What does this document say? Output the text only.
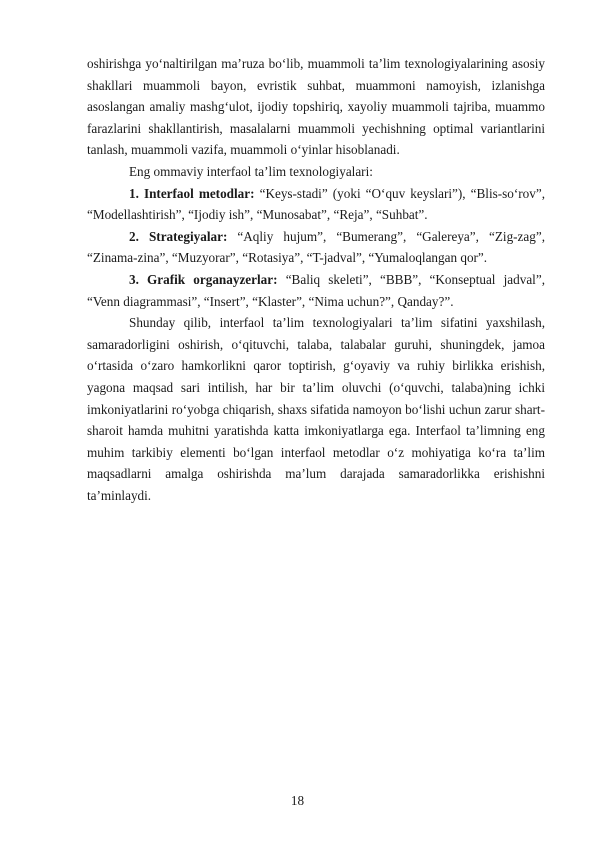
oshirishga yo‘naltirilgan ma’ruza bo‘lib, muammoli ta’lim texnologiyalarining asosiy shakllari muammoli bayon, evristik suhbat, muammoni namoyish, izlanishga asoslangan amaliy mashg‘ulot, ijodiy topshiriq, xayoliy muammoli tajriba, muammo farazlarini shakllantirish, masalalarni muammoli yechishning optimal variantlarini tanlash, muammoli vazifa, muammoli o‘yinlar hisoblanadi.

Eng ommaviy interfaol ta’lim texnologiyalari:

1. Interfaol metodlar: “Keys-stadi” (yoki “O‘quv keyslari”), “Blis-so‘rov”, “Modellashtirish”, “Ijodiy ish”, “Munosabat”, “Reja”, “Suhbat”.

2. Strategiyalar: “Aqliy hujum”, “Bumerang”, “Galereya”, “Zig-zag”, “Zinama-zina”, “Muzyorar”, “Rotasiya”, “T-jadval”, “Yumaloqlangan qor”.

3. Grafik organayzerlar: “Baliq skeleti”, “BBB”, “Konseptual jadval”, “Venn diagrammasi”, “Insert”, “Klaster”, “Nima uchun?”, Qanday?”.

Shunday qilib, interfaol ta’lim texnologiyalari ta’lim sifatini yaxshilash, samaradorligini oshirish, o‘qituvchi, talaba, talabalar guruhi, shuningdek, jamoa o‘rtasida o‘zaro hamkorlikni qaror toptirish, g‘oyaviy va ruhiy birlikka erishish, yagona maqsad sari intilish, har bir ta’lim oluvchi (o‘quvchi, talaba)ning ichki imkoniyatlarini ro‘yobga chiqarish, shaxs sifatida namoyon bo‘lishi uchun zarur shart-sharoit hamda muhitni yaratishda katta imkoniyatlarga ega. Interfaol ta’limning eng muhim tarkibiy elementi bo‘lgan interfaol metodlar o‘z mohiyatiga ko‘ra ta’lim maqsadlarni amalga oshirishda ma’lum darajada samaradorlikka erishishni ta’minlaydi.

18
